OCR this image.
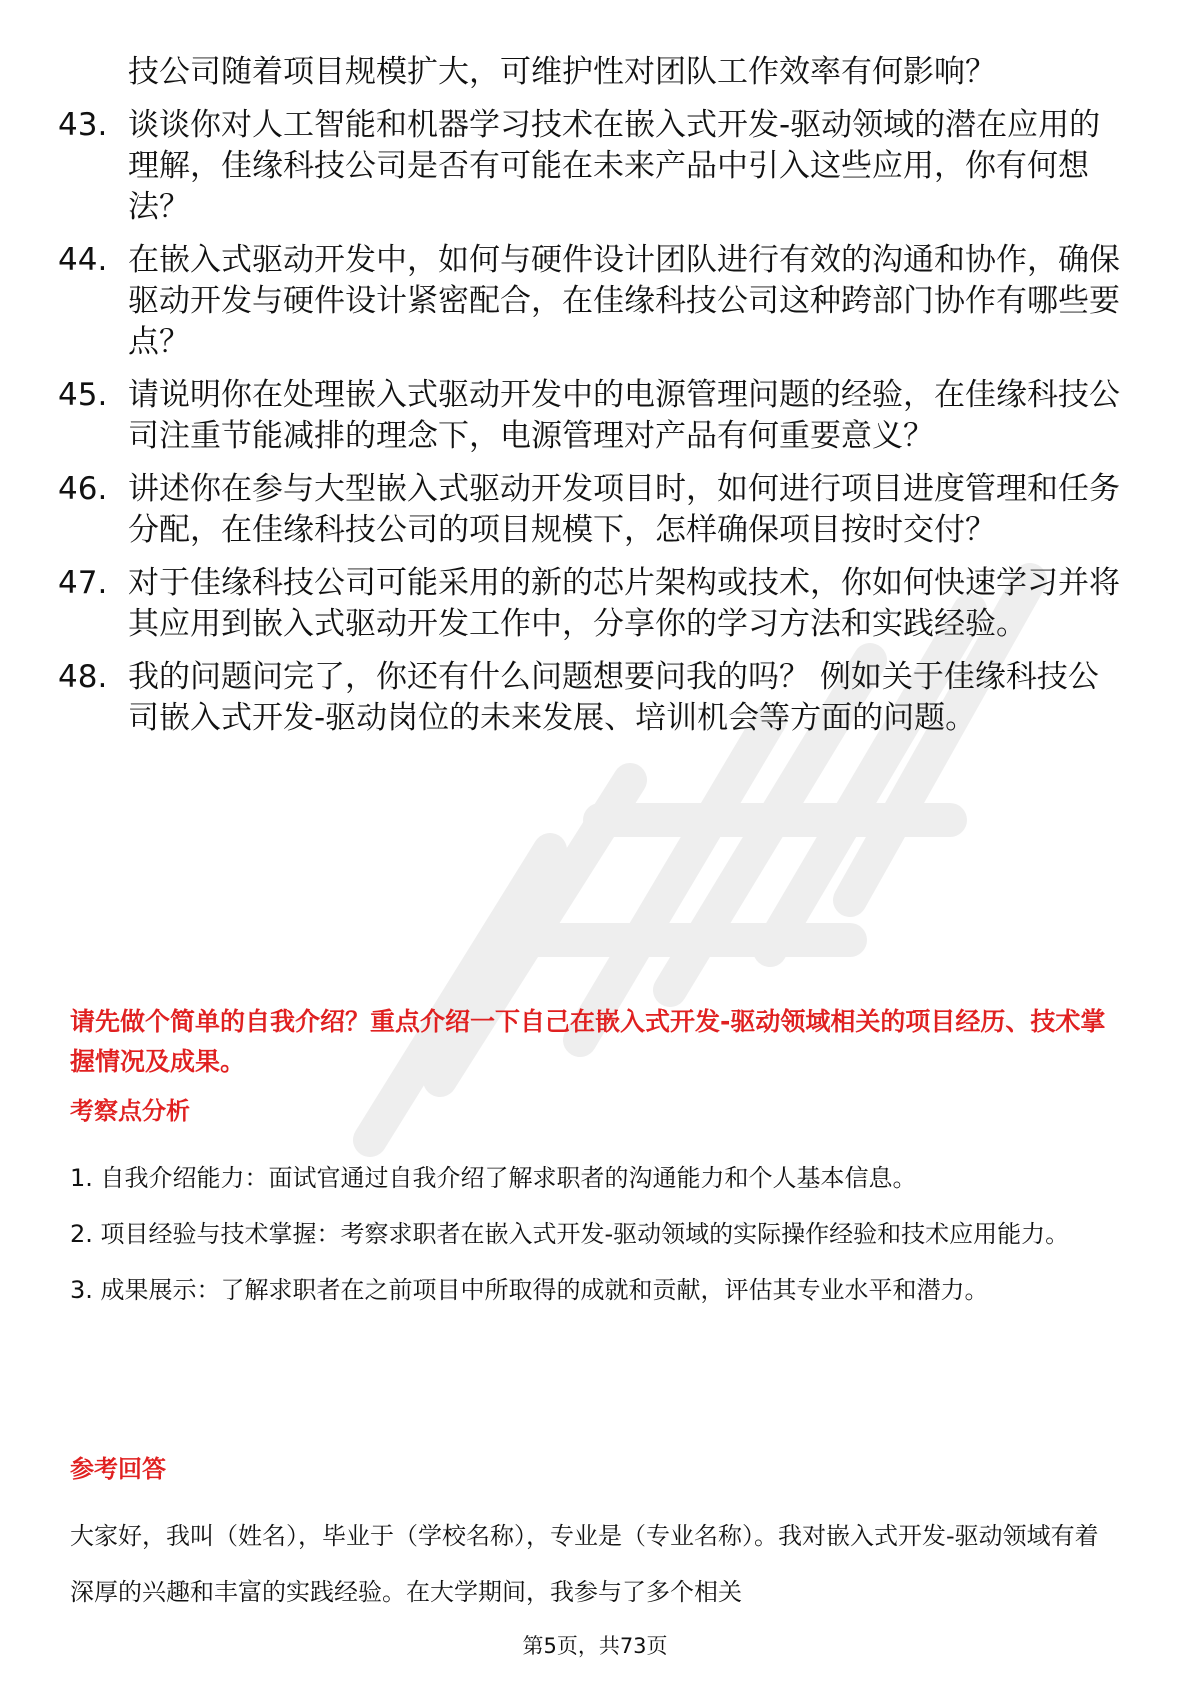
技公司随着项目规模扩大，可维护性对团队工作效率有何影响？
43. 谈谈你对人工智能和机器学习技术在嵌入式开发-驱动领域的潜在应用的理解，佳缘科技公司是否有可能在未来产品中引入这些应用，你有何想法？
44. 在嵌入式驱动开发中，如何与硬件设计团队进行有效的沟通和协作，确保驱动开发与硬件设计紧密配合，在佳缘科技公司这种跨部门协作有哪些要点？
45. 请说明你在处理嵌入式驱动开发中的电源管理问题的经验，在佳缘科技公司注重节能减排的理念下，电源管理对产品有何重要意义？
46. 讲述你在参与大型嵌入式驱动开发项目时，如何进行项目进度管理和任务分配，在佳缘科技公司的项目规模下，怎样确保项目按时交付？
47. 对于佳缘科技公司可能采用的新的芯片架构或技术，你如何快速学习并将其应用到嵌入式驱动开发工作中，分享你的学习方法和实践经验。
48. 我的问题问完了，你还有什么问题想要问我的吗？ 例如关于佳缘科技公司嵌入式开发-驱动岗位的未来发展、培训机会等方面的问题。
请先做个简单的自我介绍？重点介绍一下自己在嵌入式开发-驱动领域相关的项目经历、技术掌握情况及成果。
考察点分析
1. 自我介绍能力：面试官通过自我介绍了解求职者的沟通能力和个人基本信息。
2. 项目经验与技术掌握：考察求职者在嵌入式开发-驱动领域的实际操作经验和技术应用能力。
3. 成果展示：了解求职者在之前项目中所取得的成就和贡献，评估其专业水平和潜力。
参考回答
大家好，我叫（姓名），毕业于（学校名称），专业是（专业名称）。我对嵌入式开发-驱动领域有着深厚的兴趣和丰富的实践经验。在大学期间，我参与了多个相关
第5页，共73页
